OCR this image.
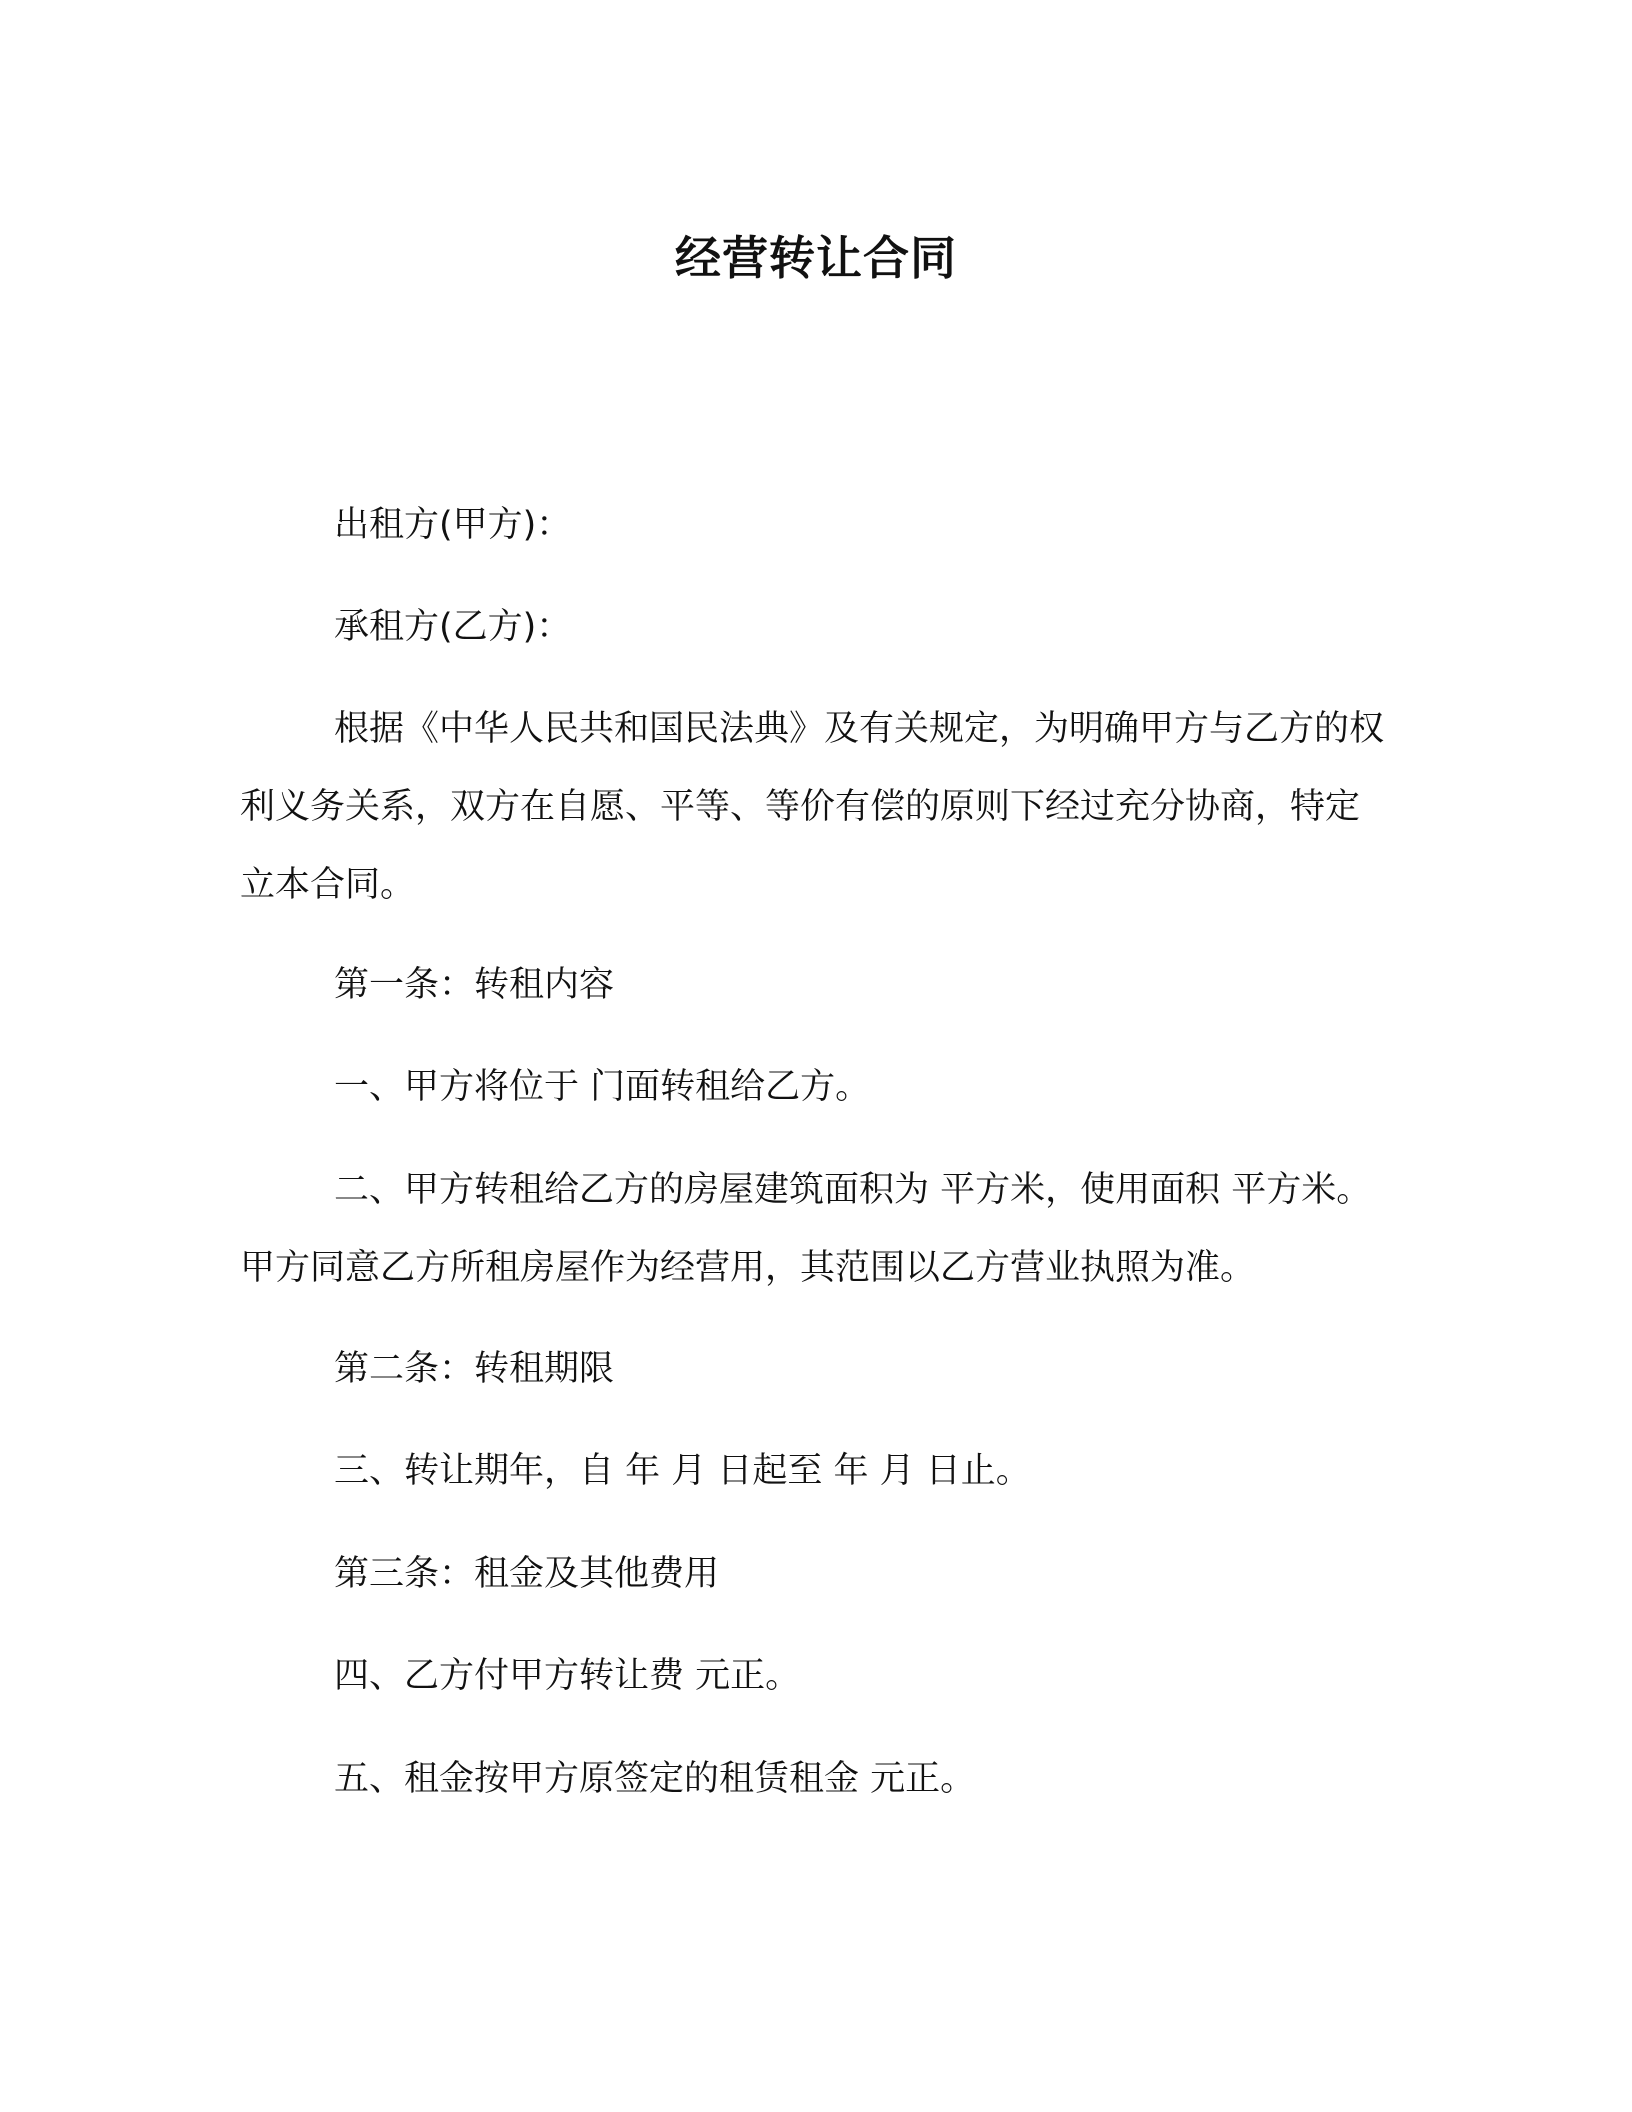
经营转让合同

出租方(甲方)：

承租方(乙方)：

根据《中华人民共和国民法典》及有关规定，为明确甲方与乙方的权利义务关系，双方在自愿、平等、等价有偿的原则下经过充分协商，特定立本合同。

第一条：转租内容

一、甲方将位于 门面转租给乙方。

二、甲方转租给乙方的房屋建筑面积为 平方米，使用面积 平方米。甲方同意乙方所租房屋作为经营用，其范围以乙方营业执照为准。

第二条：转租期限

三、转让期年，自 年 月 日起至 年 月 日止。

第三条：租金及其他费用

四、乙方付甲方转让费 元正。

五、租金按甲方原签定的租赁租金 元正。
